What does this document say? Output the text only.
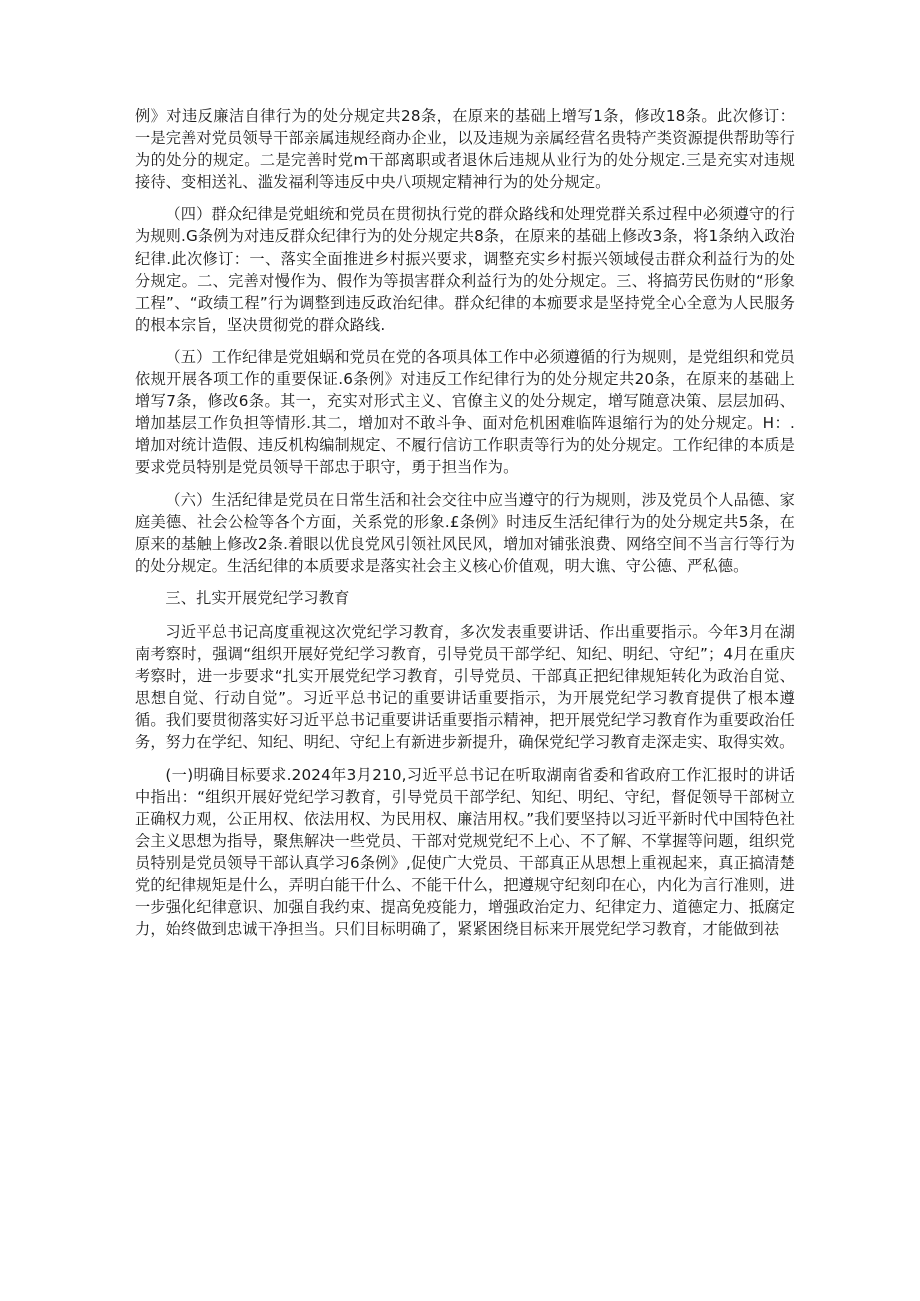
例》对违反廉洁自律行为的处分规定共28条，在原来的基础上增写1条，修改18条。此次修订：一是完善对党员领导干部亲属违规经商办企业，以及违规为亲属经营名贵特产类资源提供帮助等行为的处分的规定。二是完善时党m干部离职或者退休后违规从业行为的处分规定.三是充实对违规接待、变相送礼、滥发福利等违反中央八项规定精神行为的处分规定。

（四）群众纪律是党蛆统和党员在贯彻执行党的群众路线和处理党群关系过程中必须遵守的行为规则.G条例为对违反群众纪律行为的处分规定共8条，在原来的基础上修改3条，将1条纳入政治纪律.此次修订：一、落实全面推进乡村振兴要求，调整充实乡村振兴领域侵击群众利益行为的处分规定。二、完善对慢作为、假作为等损害群众利益行为的处分规定。三、将搞劳民伤财的“形象工程”、“政绩工程”行为调整到违反政治纪律。群众纪律的本痂要求是坚持党全心全意为人民服务的根本宗旨，坚决贯彻党的群众路线.

（五）工作纪律是党姐蜗和党员在党的各项具体工作中必须遵循的行为规则，是党组织和党员依规开展各项工作的重要保证.6条例》对违反工作纪律行为的处分规定共20条，在原来的基础上增写7条，修改6条。其一，充实对形式主义、官僚主义的处分规定，增写随意决策、层层加码、增加基层工作负担等情形.其二，增加对不敢斗争、面对危机困难临阵退缩行为的处分规定。H：.增加对统计造假、违反机构编制规定、不履行信访工作职责等行为的处分规定。工作纪律的本质是要求党员特别是党员领导干部忠于职守，勇于担当作为。

（六）生活纪律是党员在日常生活和社会交往中应当遵守的行为规则，涉及党员个人品德、家庭美德、社会公检等各个方面，关系党的形象.£条例》时违反生活纪律行为的处分规定共5条，在原来的基触上修改2条.着眼以优良党风引领社风民风，增加对铺张浪费、网络空间不当言行等行为的处分规定。生活纪律的本质要求是落实社会主义核心价值观，明大谯、守公德、严私德。

三、扎实开展党纪学习教育

习近平总书记高度重视这次党纪学习教育，多次发表重要讲话、作出重要指示。今年3月在湖南考察时，强调“组织开展好党纪学习教育，引导党员干部学纪、知纪、明纪、守纪”；4月在重庆考察时，进一步要求“扎实开展党纪学习教育，引导党员、干部真正把纪律规矩转化为政治自觉、思想自觉、行动自觉”。习近平总书记的重要讲话重要指示，为开展党纪学习教育提供了根本遵循。我们要贯彻落实好习近平总书记重要讲话重要指示精神，把开展党纪学习教育作为重要政治任务，努力在学纪、知纪、明纪、守纪上有新进步新提升，确保党纪学习教育走深走实、取得实效。

(一)明确目标要求.2024年3月210,习近平总书记在听取湖南省委和省政府工作汇报时的讲话中指出：“组织开展好党纪学习教育，引导党员干部学纪、知纪、明纪、守纪，督促领导干部树立正确权力观，公正用权、依法用权、为民用权、廉洁用权。”我们要坚持以习近平新时代中国特色社会主义思想为指导，聚焦解决一些党员、干部对党规党纪不上心、不了解、不掌握等问题，组织党员特别是党员领导干部认真学习6条例》,促使广大党员、干部真正从思想上重视起来，真正搞清楚党的纪律规矩是什么，弄明白能干什么、不能干什么，把遵规守纪刻印在心，内化为言行准则，进一步强化纪律意识、加强自我约束、提高免疫能力，增强政治定力、纪律定力、道德定力、抵腐定力，始终做到忠诚干净担当。只们目标明确了，紧紧困绕目标来开展党纪学习教育，才能做到祛
